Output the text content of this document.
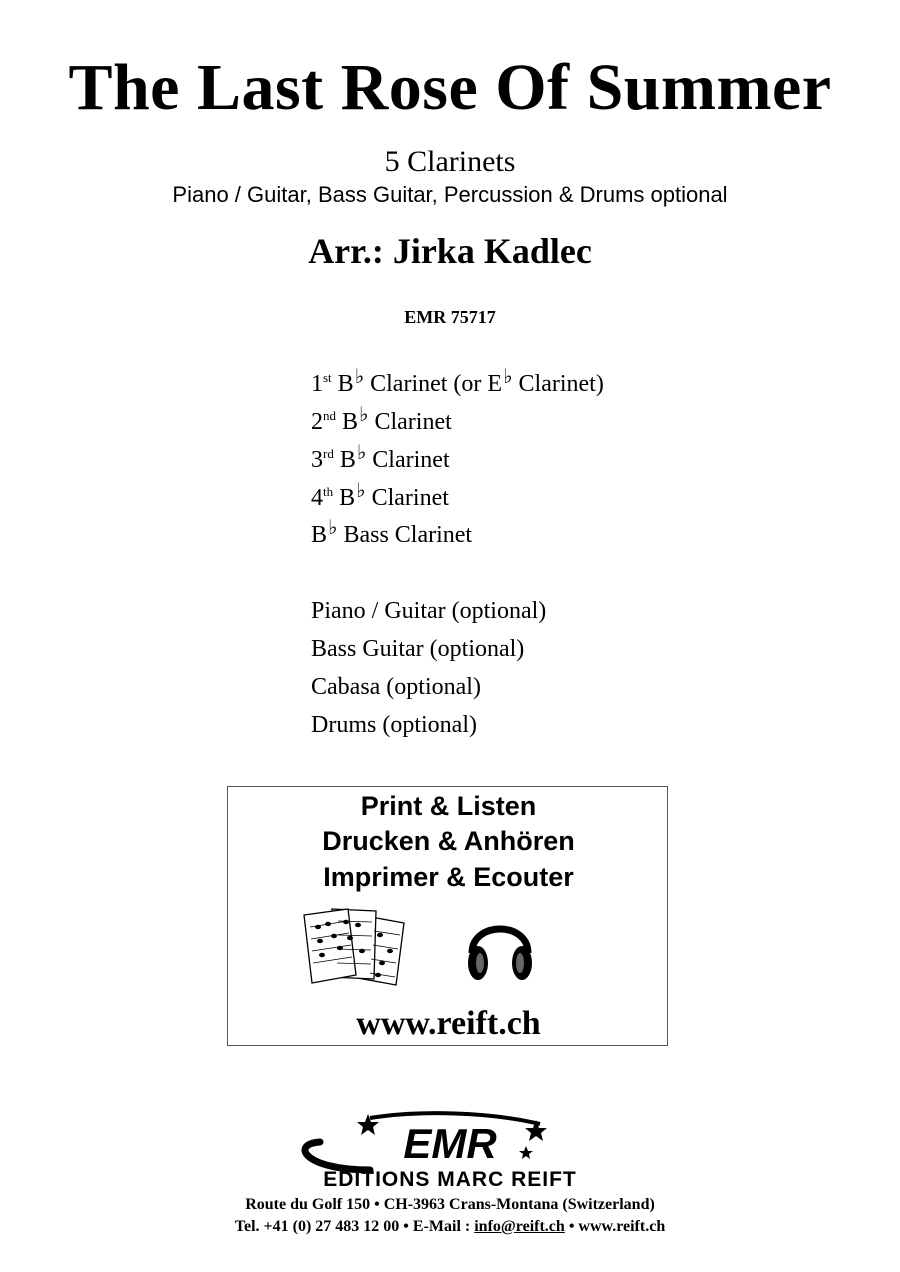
The Last Rose Of Summer
5 Clarinets
Piano / Guitar, Bass Guitar, Percussion & Drums optional
Arr.: Jirka Kadlec
EMR 75717
1st B♭ Clarinet (or E♭ Clarinet)
2nd B♭ Clarinet
3rd B♭ Clarinet
4th B♭ Clarinet
B♭ Bass Clarinet
Piano / Guitar (optional)
Bass Guitar (optional)
Cabasa (optional)
Drums (optional)
Print & Listen
Drucken & Anhören
Imprimer & Ecouter
www.reift.ch
EMR
EDITIONS MARC REIFT
Route du Golf 150 • CH-3963 Crans-Montana (Switzerland)
Tel. +41 (0) 27 483 12 00 • E-Mail : info@reift.ch • www.reift.ch
